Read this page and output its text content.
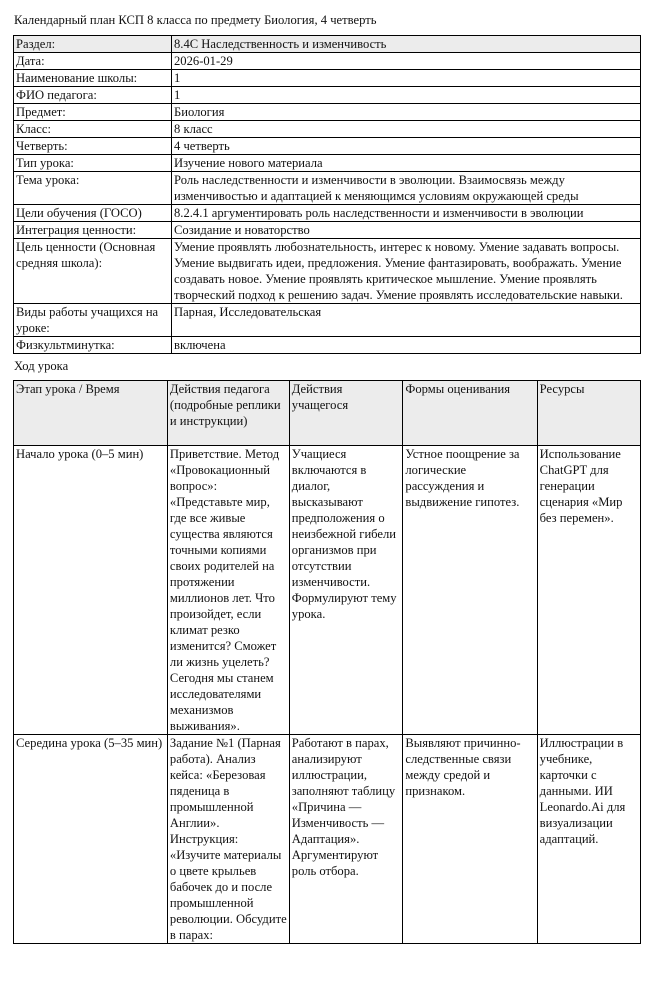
Календарный план КСП 8 класса по предмету Биология, 4 четверть
Раздел:	8.4C Наследственность и изменчивость
Дата:	2026-01-29
Наименование школы:	1
ФИО педагога:	1
Предмет:	Биология
Класс:	8 класс
Четверть:	4 четверть
Тип урока:	Изучение нового материала
Тема урока:	Роль наследственности и изменчивости в эволюции. Взаимосвязь между изменчивостью и адаптацией к меняющимся условиям окружающей среды
Цели обучения (ГОСО)	8.2.4.1 аргументировать роль наследственности и изменчивости в эволюции
Интеграция ценности:	Созидание и новаторство
Цель ценности (Основная средняя школа):	Умение проявлять любознательность, интерес к новому. Умение задавать вопросы. Умение выдвигать идеи, предложения. Умение фантазировать, воображать. Умение создавать новое. Умение проявлять критическое мышление. Умение проявлять творческий подход к решению задач. Умение проявлять исследовательские навыки.
Виды работы учащихся на уроке:	Парная, Исследовательская
Физкультминутка:	включена
Ход урока
Этап урока / Время	Действия педагога (подробные реплики и инструкции)	Действия учащегося	Формы оценивания	Ресурсы
Начало урока (0–5 мин)	Приветствие. Метод «Провокационный вопрос»: «Представьте мир, где все живые существа являются точными копиями своих родителей на протяжении миллионов лет. Что произойдет, если климат резко изменится? Сможет ли жизнь уцелеть? Сегодня мы станем исследователями механизмов выживания».	Учащиеся включаются в диалог, высказывают предположения о неизбежной гибели организмов при отсутствии изменчивости. Формулируют тему урока.	Устное поощрение за логические рассуждения и выдвижение гипотез.	Использование ChatGPT для генерации сценария «Мир без перемен».
Середина урока (5–35 мин)	Задание №1 (Парная работа). Анализ кейса: «Березовая пяденица в промышленной Англии». Инструкция: «Изучите материалы о цвете крыльев бабочек до и после промышленной революции. Обсудите в парах:	Работают в парах, анализируют иллюстрации, заполняют таблицу «Причина — Изменчивость — Адаптация». Аргументируют роль отбора.	Выявляют причинно-следственные связи между средой и признаком.	Иллюстрации в учебнике, карточки с данными. ИИ Leonardo.Ai для визуализации адаптаций.
